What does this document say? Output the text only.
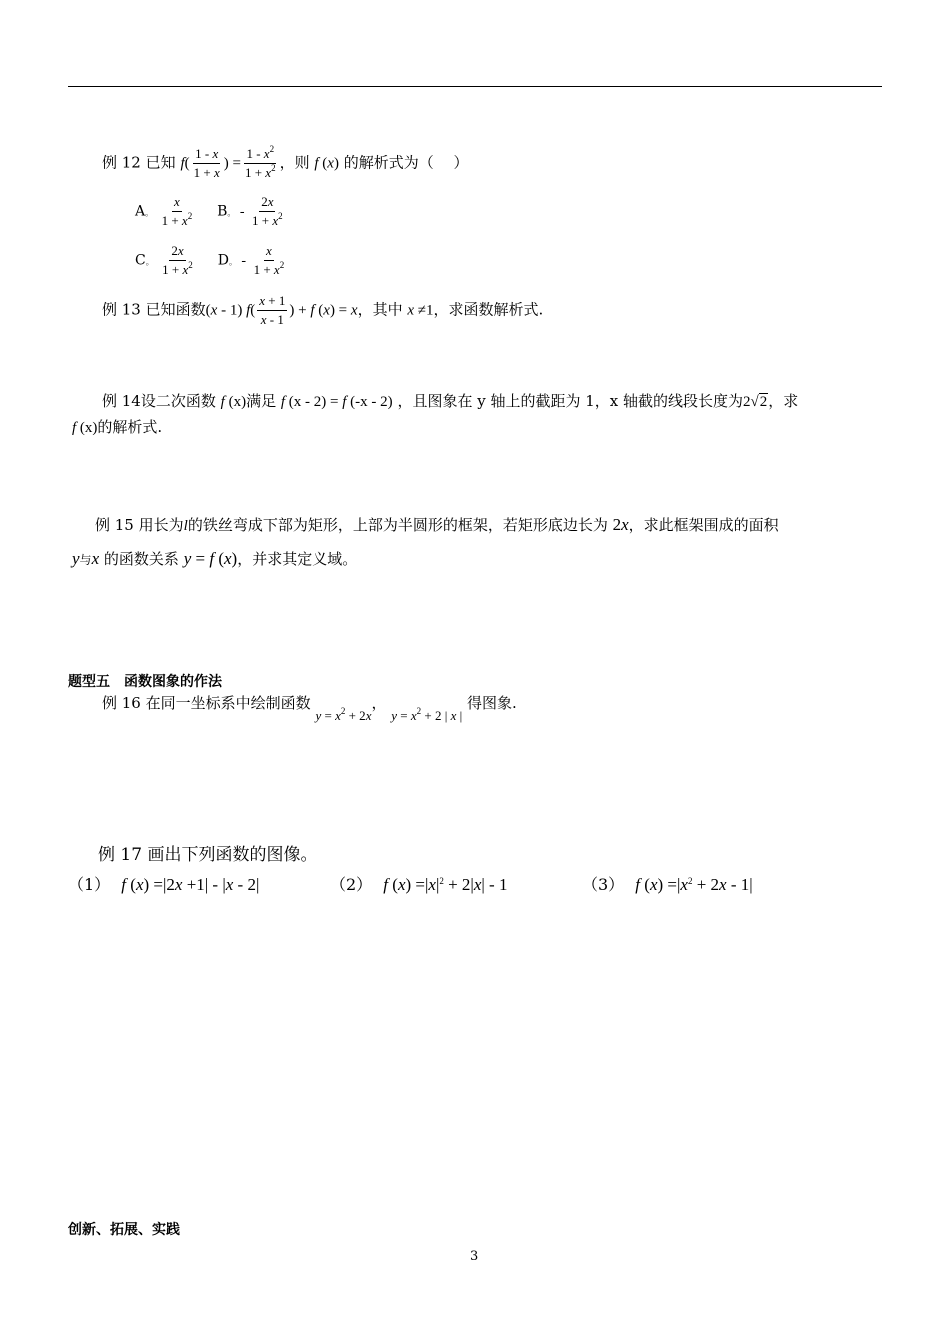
例 12 已知 $f( \frac{1 - x}{1 + x}$ ) = $\frac{1 - x^2}{1 + x^2}$ ，则 f (x) 的解析式为（　 ）
A。 $\frac{x}{1 + x^2}$ B。 - $\frac{2x}{1 + x^2}$
C。 $\frac{2x}{1 + x^2}$ D。 - $\frac{x}{1 + x^2}$
例 13 已知函数(x - 1) $f( \frac{x + 1}{x - 1}$ ) + f (x) = x，其中 x ≠1，求函数解析式.
例 14设二次函数 f (x)满足 f (x - 2) = f (-x - 2) ，且图象在 y 轴上的截距为 1，x 轴截的线段长度为2√2，求
f (x)的解析式.
例 15 用长为l的铁丝弯成下部为矩形，上部为半圆形的框架，若矩形底边长为 2x，求此框架围成的面积
y与x 的函数关系 y = f (x)，并求其定义域。
题型五　函数图象的作法
例 16 在同一坐标系中绘制函数 $y = x^2 + 2x$， $y = x^2 + 2$ | x | 得图象.
例 17 画出下列函数的图像。
（1） f (x) =|2x +1| - |x - 2|	（2） f $(x) =|x|^2 + 2|x| - 1$	（3） f $(x) =|x^2 + 2x - 1|$
创新、拓展、实践
3
